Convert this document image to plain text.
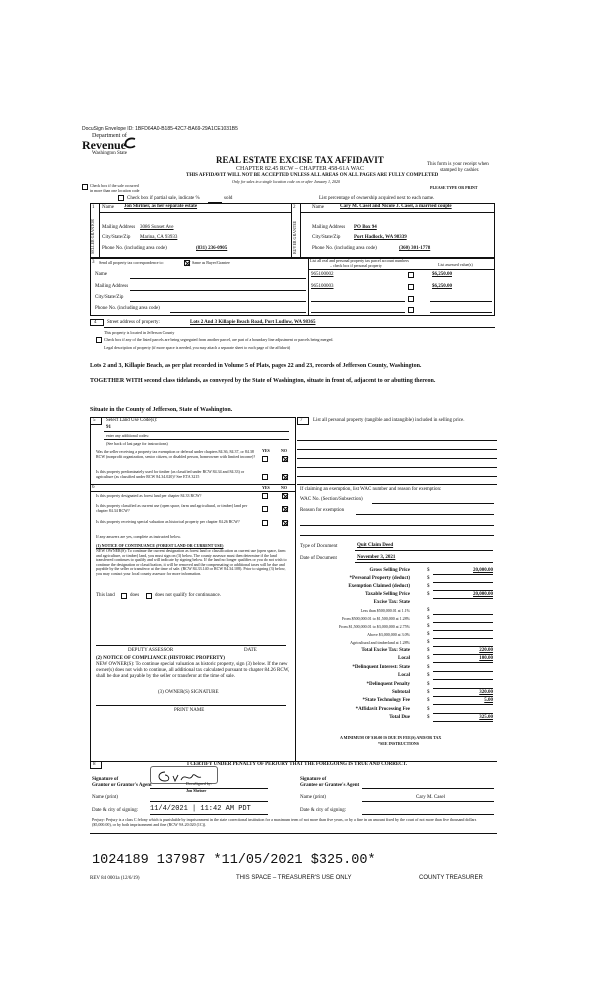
DocuSign Envelope ID: 1BFD64A0-B185-42C7-BA69-29A1CE1031B5
Department of
Revenue
Washington State
REAL ESTATE EXCISE TAX AFFIDAVIT
CHAPTER 82.45 RCW – CHAPTER 458-61A WAC
THIS AFFIDAVIT WILL NOT BE ACCEPTED UNLESS ALL AREAS ON ALL PAGES ARE FULLY COMPLETED
Only for sales in a single location code on or after January 1, 2020
This form is your receipt when
stamped by cashier.
PLEASE TYPE OR PRINT
Check box if the sale occurred
in more than one location code
Check box if partial sale, indicate %	sold	List percentage of ownership acquired next to each name.
1
SELLER GRANTOR
Name Jon Shriner, as her separate estate
Mailing Address 3086 Sunset Ave
City/State/Zip Marina, CA 93933
Phone No. (including area code)	(831) 236-0905
2
BUYER GRANTEE
Name	Cary M. Casel and Nicole J. Casel, a married couple
Mailing Address PO Box 94
City/State/Zip	Port Hadlock, WA 98339
Phone No. (including area code)	(360) 301-1778
3 Send all property tax correspondence to:	Same as Buyer/Grantee
Name
Mailing Address
City/State/Zip
Phone No. (including area code)
List all real and personal property tax parcel account numbers
– check box if personal property	List assessed value(s)
965100002	$6,250.00
965100003	$6,250.00
4 Street address of property:	Lots 2 And 3 Killapie Beach Road, Port Ludlow, WA 98365
This property is located in Jefferson County
Check box if any of the listed parcels are being segregated from another parcel, are part of a boundary line adjustment or parcels being merged.
Legal description of property (if more space is needed, you may attach a separate sheet to each page of the affidavit)
Lots 2 and 3, Killapie Beach, as per plat recorded in Volume 5 of Plats, pages 22 and 23, records of Jefferson County, Washington.
TOGETHER WITH second class tidelands, as conveyed by the State of Washington, situate in front of, adjacent to or abutting thereon.
Situate in the County of Jefferson, State of Washington.
5 Select Land Use Code(s):
91
enter any additional codes:
(See back of last page for instructions)
YES	NO
Was the seller receiving a property tax exemption or deferral under chapters 84.36, 84.37, or 84.38 RCW (nonprofit organization, senior citizen, or disabled person, homeowner with limited income)?
Is this property predominately used for timber (as classified under RCW 84.34 and 84.33) or agriculture (as classified under RCW 84.34.020)? See ETA 3215
6	YES	NO
Is this property designated as forest land per chapter 84.33 RCW?
Is this property classified as current use (open space, farm and agricultural, or timber) land per chapter 84.34 RCW?
Is this property receiving special valuation as historical property per chapter 84.26 RCW?
If any answers are yes, complete as instructed below.
(1) NOTICE OF CONTINUANCE (FOREST LAND OR CURRENT USE)
NEW OWNER(S): To continue the current designation as forest land or classification as current use (open space, farm and agriculture, or timber) land, you must sign on (3) below. The county assessor must then determine if the land transferred continues to qualify and will indicate by signing below. If the land no longer qualifies or you do not wish to continue the designation or classification, it will be removed and the compensating or additional taxes will be due and payable by the seller or transferor at the time of sale. (RCW 84.33.140 or RCW 84.34.108). Prior to signing (3) below, you may contact your local county assessor for more information.
This land	does	does not qualify for continuance.
DEPUTY ASSESSOR	DATE
(2) NOTICE OF COMPLIANCE (HISTORIC PROPERTY)
NEW OWNER(S): To continue special valuation as historic property, sign (3) below. If the new owner(s) does not wish to continue, all additional tax calculated pursuant to chapter 84.26 RCW, shall be due and payable by the seller or transferor at the time of sale.
(3) OWNER(S) SIGNATURE
PRINT NAME
7 List all personal property (tangible and intangible) included in selling price.
If claiming an exemption, list WAC number and reason for exemption:
WAC No. (Section/Subsection)
Reason for exemption
Type of Document	Quit Claim Deed
Date of Document	November 3, 2021
Gross Selling Price	$	20,000.00
*Personal Property (deduct)	$
Exemption Claimed (deduct)	$
Taxable Selling Price	$	20,000.00
Excise Tax: State
Less than $500,000.01 at 1.1%	$
From $500,000.01 to $1,500,000 at 1.28%	$
From $1,500,000.01 to $3,000,000 at 2.75%	$
Above $3,000,000 at 3.0%	$
Agricultural and timberland at 1.28%	$
Total Excise Tax: State	$	220.00
Local	$	100.00
*Delinquent Interest: State	$
Local	$
*Delinquent Penalty	$
Subtotal	$	320.00
*State Technology Fee	$	5.00
*Affidavit Processing Fee	$
Total Due	$	325.00
A MINIMUM OF $10.00 IS DUE IN FEE(S) AND/OR TAX
*SEE INSTRUCTIONS
8	I CERTIFY UNDER PENALTY OF PERJURY THAT THE FOREGOING IS TRUE AND CORRECT.
Signature of
Grantor or Grantor's Agent	DocuSigned by:
Signature of
Grantee or Grantee's Agent
Name (print)
Jon Shriner
Name (print)	Cary M. Casel
Date & city of signing: 11/4/2021 | 11:42 AM PDT	Date & city of signing:
Perjury: Perjury is a class C felony which is punishable by imprisonment in the state correctional institution for a maximum term of not more than five years, or by a fine in an amount fixed by the court of not more than five thousand dollars ($5,000.00), or by both imprisonment and fine (RCW 9A.20.020 (1C)).
1024189 137987 *11/05/2021 $325.00*
REV 84 0001a (12/6/19)	THIS SPACE – TREASURER'S USE ONLY	COUNTY TREASURER
